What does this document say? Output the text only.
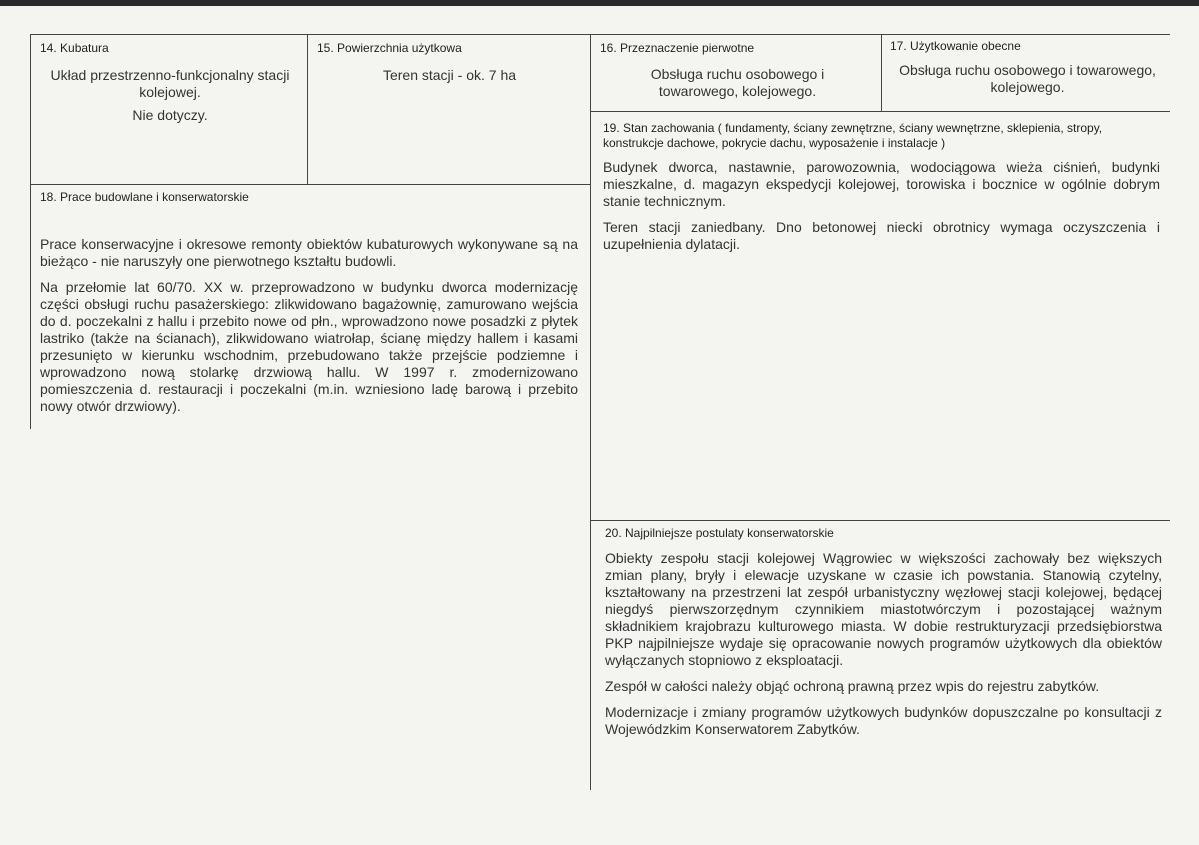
14. Kubatura
Układ przestrzenno-funkcjonalny stacji kolejowej.
Nie dotyczy.
15. Powierzchnia użytkowa
Teren stacji - ok. 7 ha
16. Przeznaczenie pierwotne
Obsługa ruchu osobowego i towarowego, kolejowego.
17. Użytkowanie obecne
Obsługa ruchu osobowego i towarowego, kolejowego.
18. Prace budowlane i konserwatorskie

Prace konserwacyjne i okresowe remonty obiektów kubaturowych wykonywane są na bieżąco - nie naruszyły one pierwotnego kształtu budowli.

Na przełomie lat 60/70. XX w. przeprowadzono w budynku dworca modernizację części obsługi ruchu pasażerskiego: zlikwidowano bagażownię, zamurowano wejścia do d. poczekalni z hallu i przebito nowe od płn., wprowadzono nowe posadzki z płytek lastriko (także na ścianach), zlikwidowano wiatrołap, ścianę między hallem i kasami przesunięto w kierunku wschodnim, przebudowano także przejście podziemne i wprowadzono nową stolarkę drzwiową hallu. W 1997 r. zmodernizowano pomieszczenia d. restauracji i poczekalni (m.in. wzniesiono ladę barową i przebito nowy otwór drzwiowy).

19. Stan zachowania ( fundamenty, ściany zewnętrzne, ściany wewnętrzne, sklepienia, stropy, konstrukcje dachowe, pokrycie dachu, wyposażenie i instalacje )

Budynek dworca, nastawnie, parowozownia, wodociągowa wieża ciśnień, budynki mieszkalne, d. magazyn ekspedycji kolejowej, torowiska i bocznice w ogólnie dobrym stanie technicznym.

Teren stacji zaniedbany. Dno betonowej niecki obrotnicy wymaga oczyszczenia i uzupełnienia dylatacji.

20. Najpilniejsze postulaty konserwatorskie

Obiekty zespołu stacji kolejowej Wągrowiec w większości zachowały bez większych zmian plany, bryły i elewacje uzyskane w czasie ich powstania. Stanowią czytelny, kształtowany na przestrzeni lat zespół urbanistyczny węzłowej stacji kolejowej, będącej niegdyś pierwszorzędnym czynnikiem miastotwórczym i pozostającej ważnym składnikiem krajobrazu kulturowego miasta. W dobie restrukturyzacji przedsiębiorstwa PKP najpilniejsze wydaje się opracowanie nowych programów użytkowych dla obiektów wyłączanych stopniowo z eksploatacji.

Zespół w całości należy objąć ochroną prawną przez wpis do rejestru zabytków.

Modernizacje i zmiany programów użytkowych budynków dopuszczalne po konsultacji z Wojewódzkim Konserwatorem Zabytków.
